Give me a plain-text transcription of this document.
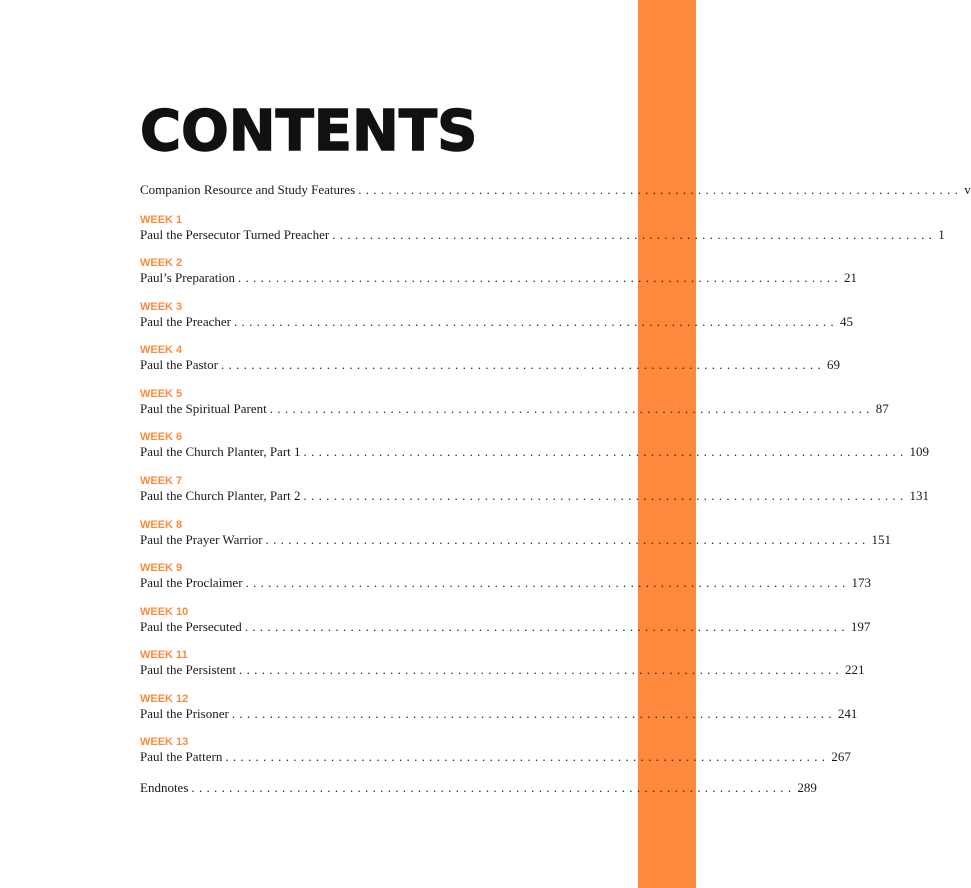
CONTENTS
Companion Resource and Study Features ................................................................................ v
WEEK 1
Paul the Persecutor Turned Preacher ................................................................................ 1
WEEK 2
Paul’s Preparation ................................................................................ 21
WEEK 3
Paul the Preacher ................................................................................ 45
WEEK 4
Paul the Pastor ................................................................................ 69
WEEK 5
Paul the Spiritual Parent ................................................................................ 87
WEEK 6
Paul the Church Planter, Part 1 ................................................................................ 109
WEEK 7
Paul the Church Planter, Part 2 ................................................................................ 131
WEEK 8
Paul the Prayer Warrior ................................................................................ 151
WEEK 9
Paul the Proclaimer ................................................................................ 173
WEEK 10
Paul the Persecuted ................................................................................ 197
WEEK 11
Paul the Persistent ................................................................................ 221
WEEK 12
Paul the Prisoner ................................................................................ 241
WEEK 13
Paul the Pattern ................................................................................ 267
Endnotes ................................................................................ 289
